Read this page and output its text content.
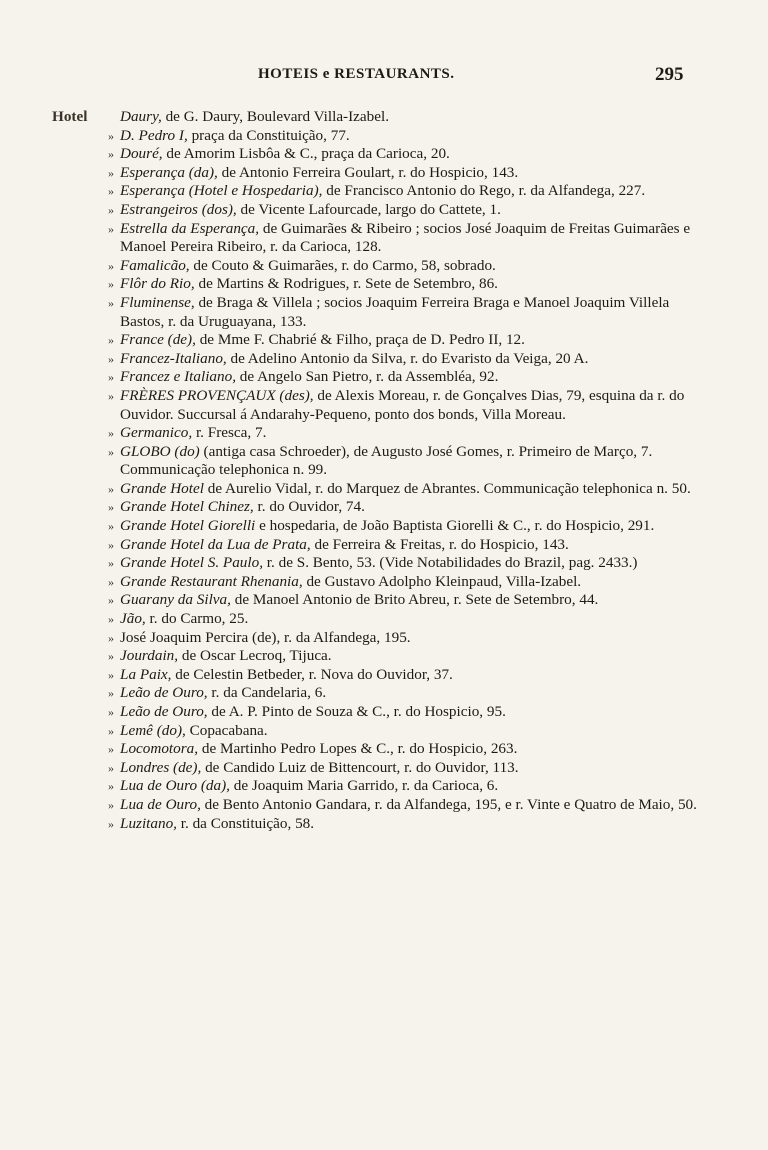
HOTEIS e RESTAURANTS.	295
Hotel	Daury, de G. Daury, Boulevard Villa-Izabel.
» D. Pedro I, praça da Constituição, 77.
» Douré, de Amorim Lisbôa & C., praça da Carioca, 20.
» Esperança (da), de Antonio Ferreira Goulart, r. do Hospicio, 143.
» Esperança (Hotel e Hospedaria), de Francisco Antonio do Rego, r. da Alfandega, 227.
» Estrangeiros (dos), de Vicente Lafourcade, largo do Cattete, 1.
» Estrella da Esperança, de Guimarães & Ribeiro ; socios José Joaquim de Freitas Guimarães e Manoel Pereira Ribeiro, r. da Carioca, 128.
» Famalicão, de Couto & Guimarães, r. do Carmo, 58, sobrado.
» Flôr do Rio, de Martins & Rodrigues, r. Sete de Setembro, 86.
» Fluminense, de Braga & Villela ; socios Joaquim Ferreira Braga e Manoel Joaquim Villela Bastos, r. da Uruguayana, 133.
» France (de), de Mme F. Chabrié & Filho, praça de D. Pedro II, 12.
» Francez-Italiano, de Adelino Antonio da Silva, r. do Evaristo da Veiga, 20 A.
» Francez e Italiano, de Angelo San Pietro, r. da Assembléa, 92.
» FRÈRES PROVENÇAUX (des), de Alexis Moreau, r. de Gonçalves Dias, 79, esquina da r. do Ouvidor. Succursal á Andarahy-Pequeno, ponto dos bonds, Villa Moreau.
» Germanico, r. Fresca, 7.
» GLOBO (do) (antiga casa Schroeder), de Augusto José Gomes, r. Primeiro de Março, 7. Communicação telephonica n. 99.
» Grande Hotel de Aurelio Vidal, r. do Marquez de Abrantes. Communicação telephonica n. 50.
» Grande Hotel Chinez, r. do Ouvidor, 74.
» Grande Hotel Giorelli e hospedaria, de João Baptista Giorelli & C., r. do Hospicio, 291.
» Grande Hotel da Lua de Prata, de Ferreira & Freitas, r. do Hospicio, 143.
» Grande Hotel S. Paulo, r. de S. Bento, 53. (Vide Notabilidades do Brazil, pag. 2433.)
» Grande Restaurant Rhenania, de Gustavo Adolpho Kleinpaud, Villa-Izabel.
» Guarany da Silva, de Manoel Antonio de Brito Abreu, r. Sete de Setembro, 44.
» Jão, r. do Carmo, 25.
» José Joaquim Percira (de), r. da Alfandega, 195.
» Jourdain, de Oscar Lecroq, Tijuca.
» La Paix, de Celestin Betbeder, r. Nova do Ouvidor, 37.
» Leão de Ouro, r. da Candelaria, 6.
» Leão de Ouro, de A. P. Pinto de Souza & C., r. do Hospicio, 95.
» Lemê (do), Copacabana.
» Locomotora, de Martinho Pedro Lopes & C., r. do Hospicio, 263.
» Londres (de), de Candido Luiz de Bittencourt, r. do Ouvidor, 113.
» Lua de Ouro (da), de Joaquim Maria Garrido, r. da Carioca, 6.
» Lua de Ouro, de Bento Antonio Gandara, r. da Alfandega, 195, e r. Vinte e Quatro de Maio, 50.
» Luzitano, r. da Constituição, 58.
